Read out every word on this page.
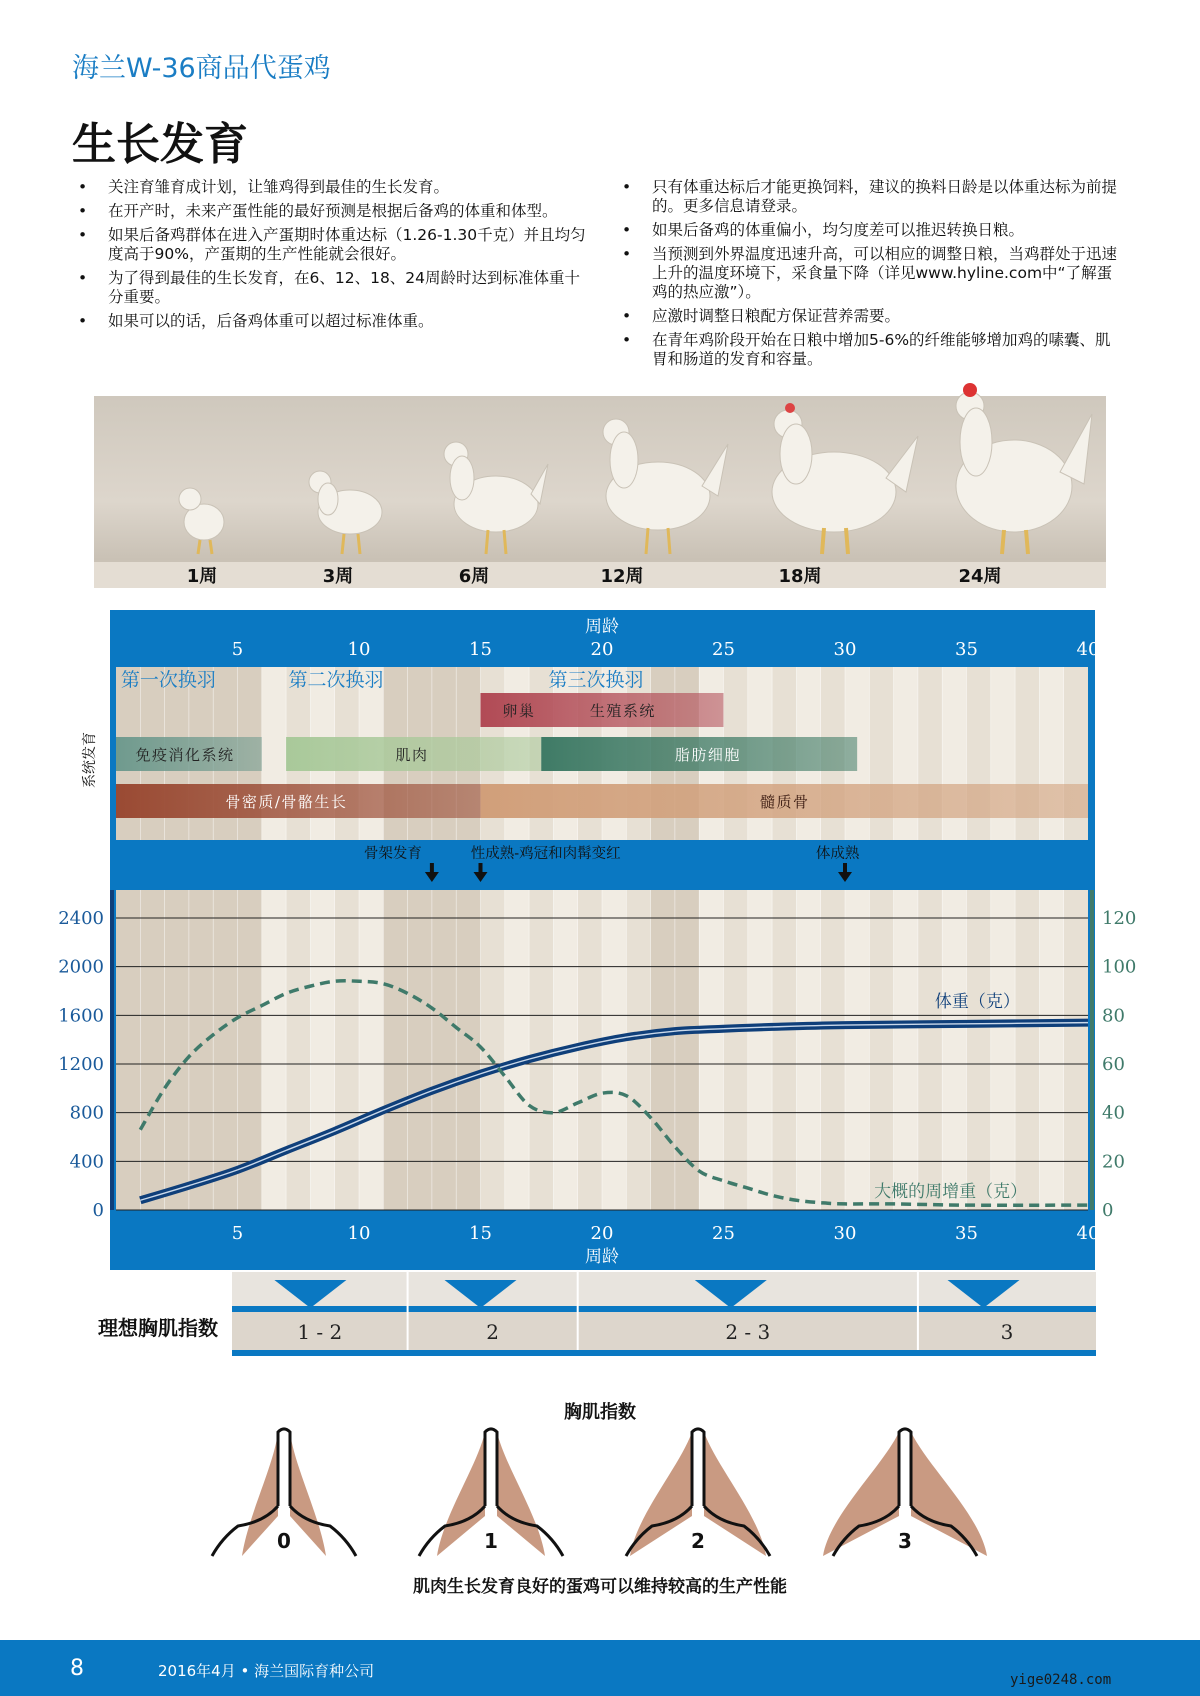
海兰W-36商品代蛋鸡
生长发育
• 关注育雏育成计划，让雏鸡得到最佳的生长发育。
• 在开产时，未来产蛋性能的最好预测是根据后备鸡的体重和体型。
• 如果后备鸡群体在进入产蛋期时体重达标（1.26-1.30千克）并且均匀度高于90%，产蛋期的生产性能就会很好。
• 为了得到最佳的生长发育，在6、12、18、24周龄时达到标准体重十分重要。
• 如果可以的话，后备鸡体重可以超过标准体重。
• 只有体重达标后才能更换饲料，建议的换料日龄是以体重达标为前提的。更多信息请登录。
• 如果后备鸡的体重偏小，均匀度差可以推迟转换日粮。
• 当预测到外界温度迅速升高，可以相应的调整日粮，当鸡群处于迅速上升的温度环境下，采食量下降（详见www.hyline.com中“了解蛋鸡的热应激”）。
• 应激时调整日粮配方保证营养需要。
• 在青年鸡阶段开始在日粮中增加5-6%的纤维能够增加鸡的嗉囊、肌胃和肠道的发育和容量。
1周	3周	6周	12周	18周	24周
周龄
5	10	15	20	25	30	35	40
5	10	15	20	25	30	35	40
周龄
第一次换羽	第二次换羽	第三次换羽
卵巢	生殖系统
免疫消化系统	肌肉	脂肪细胞
骨密质/骨骼生长	髓质骨
系统发育
骨架发育	性成熟-鸡冠和肉髯变红	体成熟
0
400
800
1200
1600
2000
2400
0
20
40
60
80
100
120
体重（克）
大概的周增重（克）
理想胸肌指数	1 - 2	2	2 - 3	3
胸肌指数
0	1	2	3
肌肉生长发育良好的蛋鸡可以维持较高的生产性能
8	2016年4月 • 海兰国际育种公司	yige0248.com
